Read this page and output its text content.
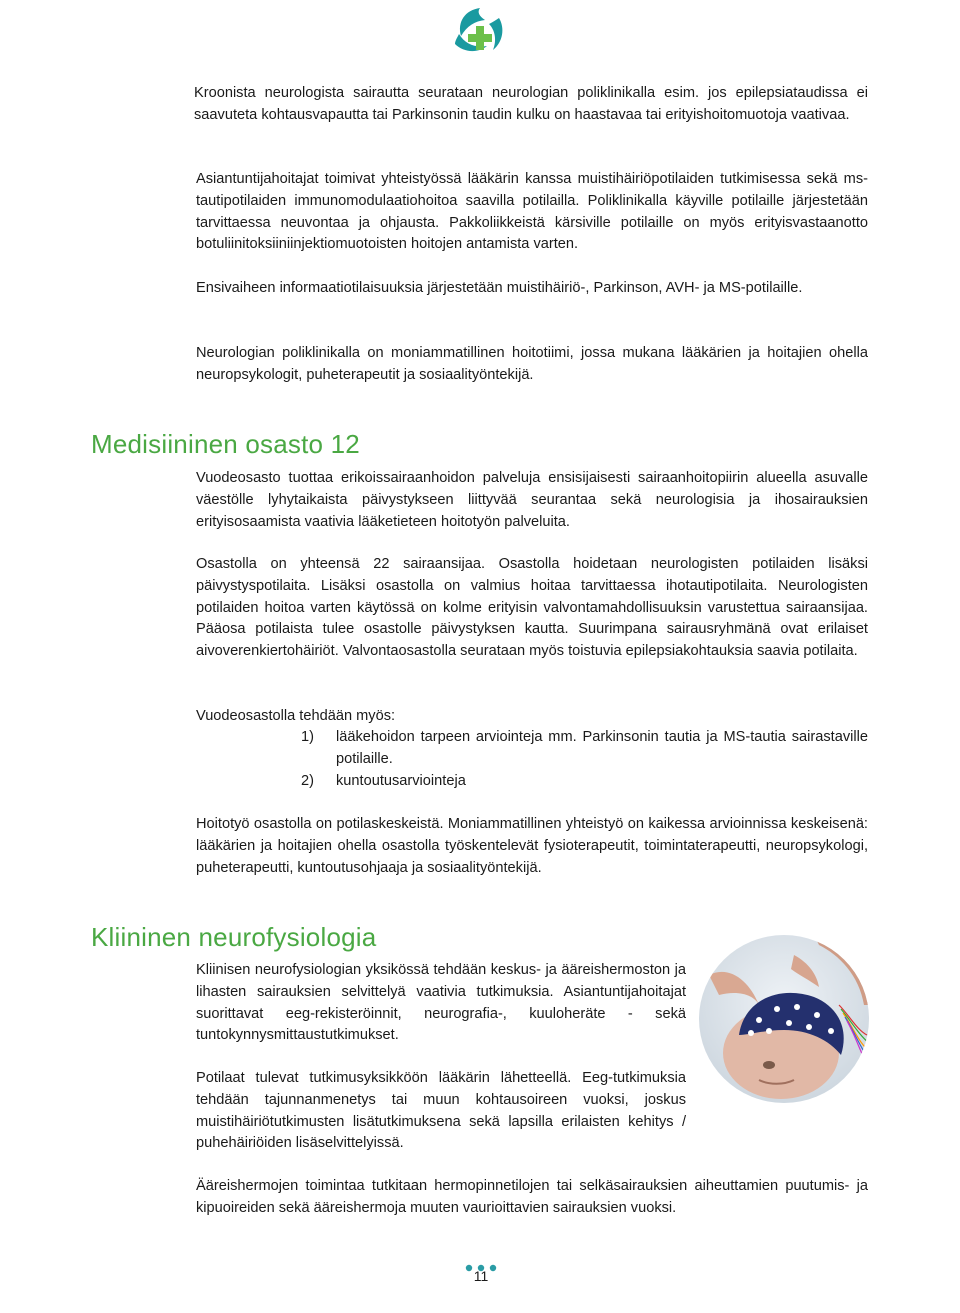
Kroonista neurologista sairautta seurataan neurologian poliklinikalla esim. jos epilepsiataudissa ei saavuteta kohtausvapautta tai Parkinsonin taudin kulku on haastavaa tai erityishoitomuotoja vaativaa.

Asiantuntijahoitajat toimivat yhteistyössä lääkärin kanssa muistihäiriöpotilaiden tutkimisessa sekä ms-tautipotilaiden immunomodulaatiohoitoa saavilla potilailla. Poliklinikalla käyville potilaille järjestetään tarvittaessa neuvontaa ja ohjausta. Pakkoliikkeistä kärsiville potilaille on myös erityisvastaanotto botuliinitoksiiniinjektiomuotoisten hoitojen antamista varten.

Ensivaiheen informaatiotilaisuuksia järjestetään muistihäiriö-, Parkinson, AVH- ja MS-potilaille.

Neurologian poliklinikalla on moniammatillinen hoitotiimi, jossa mukana lääkärien ja hoitajien ohella neuropsykologit, puheterapeutit ja sosiaalityöntekijä.

Medisiininen osasto 12

Vuodeosasto tuottaa erikoissairaanhoidon palveluja ensisijaisesti sairaanhoitopiirin alueella asuvalle väestölle lyhytaikaista päivystykseen liittyvää seurantaa sekä neurologisia ja ihosairauksien erityisosaamista vaativia lääketieteen hoitotyön palveluita.

Osastolla on yhteensä 22 sairaansijaa. Osastolla hoidetaan neurologisten potilaiden lisäksi päivystyspotilaita. Lisäksi osastolla on valmius hoitaa tarvittaessa ihotautipotilaita. Neurologisten potilaiden hoitoa varten käytössä on kolme erityisin valvontamahdollisuuksin varustettua sairaansijaa. Pääosa potilaista tulee osastolle päivystyksen kautta. Suurimpana sairausryhmänä ovat erilaiset aivoverenkiertohäiriöt. Valvontaosastolla seurataan myös toistuvia epilepsiakohtauksia saavia potilaita.

Vuodeosastolla tehdään myös:

1) lääkehoidon tarpeen arviointeja mm. Parkinsonin tautia ja MS-tautia sairastaville potilaille.
2) kuntoutusarviointeja

Hoitotyö osastolla on potilaskeskeistä. Moniammatillinen yhteistyö on kaikessa arvioinnissa keskeisenä: lääkärien ja hoitajien ohella osastolla työskentelevät fysioterapeutit, toimintaterapeutti, neuropsykologi, puheterapeutti, kuntoutusohjaaja ja sosiaalityöntekijä.

Kliininen neurofysiologia

Kliinisen neurofysiologian yksikössä tehdään keskus- ja ääreishermoston ja lihasten sairauksien selvittelyä vaativia tutkimuksia. Asiantuntijahoitajat suorittavat eeg-rekisteröinnit, neurografia-, kuuloheräte - sekä tuntokynnysmittaustutkimukset.

Potilaat tulevat tutkimusyksikköön lääkärin lähetteellä. Eeg-tutkimuksia tehdään tajunnanmenetys tai muun kohtausoireen vuoksi, joskus muistihäiriötutkimusten lisätutkimuksena sekä lapsilla erilaisten kehitys / puhehäiriöiden lisäselvittelyissä.

Ääreishermojen toimintaa tutkitaan hermopinnetilojen tai selkäsairauksien aiheuttamien puutumis- ja kipuoireiden sekä ääreishermoja muuten vaurioittavien sairauksien vuoksi.

11
